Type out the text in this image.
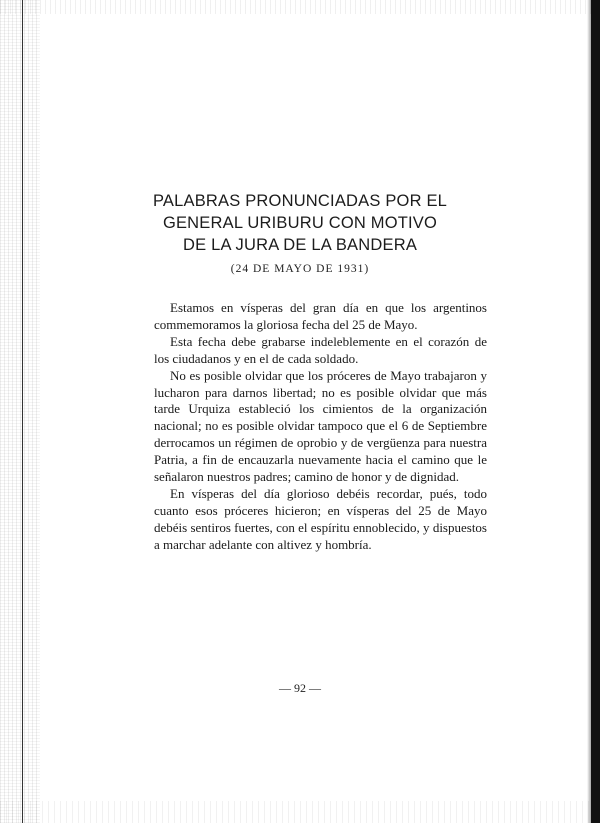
PALABRAS PRONUNCIADAS POR EL

GENERAL URIBURU CON MOTIVO

DE LA JURA DE LA BANDERA

(24 DE MAYO DE 1931)

Estamos en vísperas del gran día en que los argentinos commemoramos la gloriosa fecha del 25 de Mayo.

Esta fecha debe grabarse indeleblemente en el corazón de los ciudadanos y en el de cada soldado.

No es posible olvidar que los próceres de Mayo trabajaron y lucharon para darnos libertad; no es posible olvidar que más tarde Urquiza estableció los cimientos de la organización nacional; no es posible olvidar tampoco que el 6 de Septiembre derrocamos un régimen de oprobio y de vergüenza para nuestra Patria, a fin de encauzarla nuevamente hacia el camino que le señalaron nuestros padres; camino de honor y de dignidad.

En vísperas del día glorioso debéis recordar, pués, todo cuanto esos próceres hicieron; en vísperas del 25 de Mayo debéis sentiros fuertes, con el espíritu ennoblecido, y dispuestos a marchar adelante con altivez y hombría.

— 92 —
